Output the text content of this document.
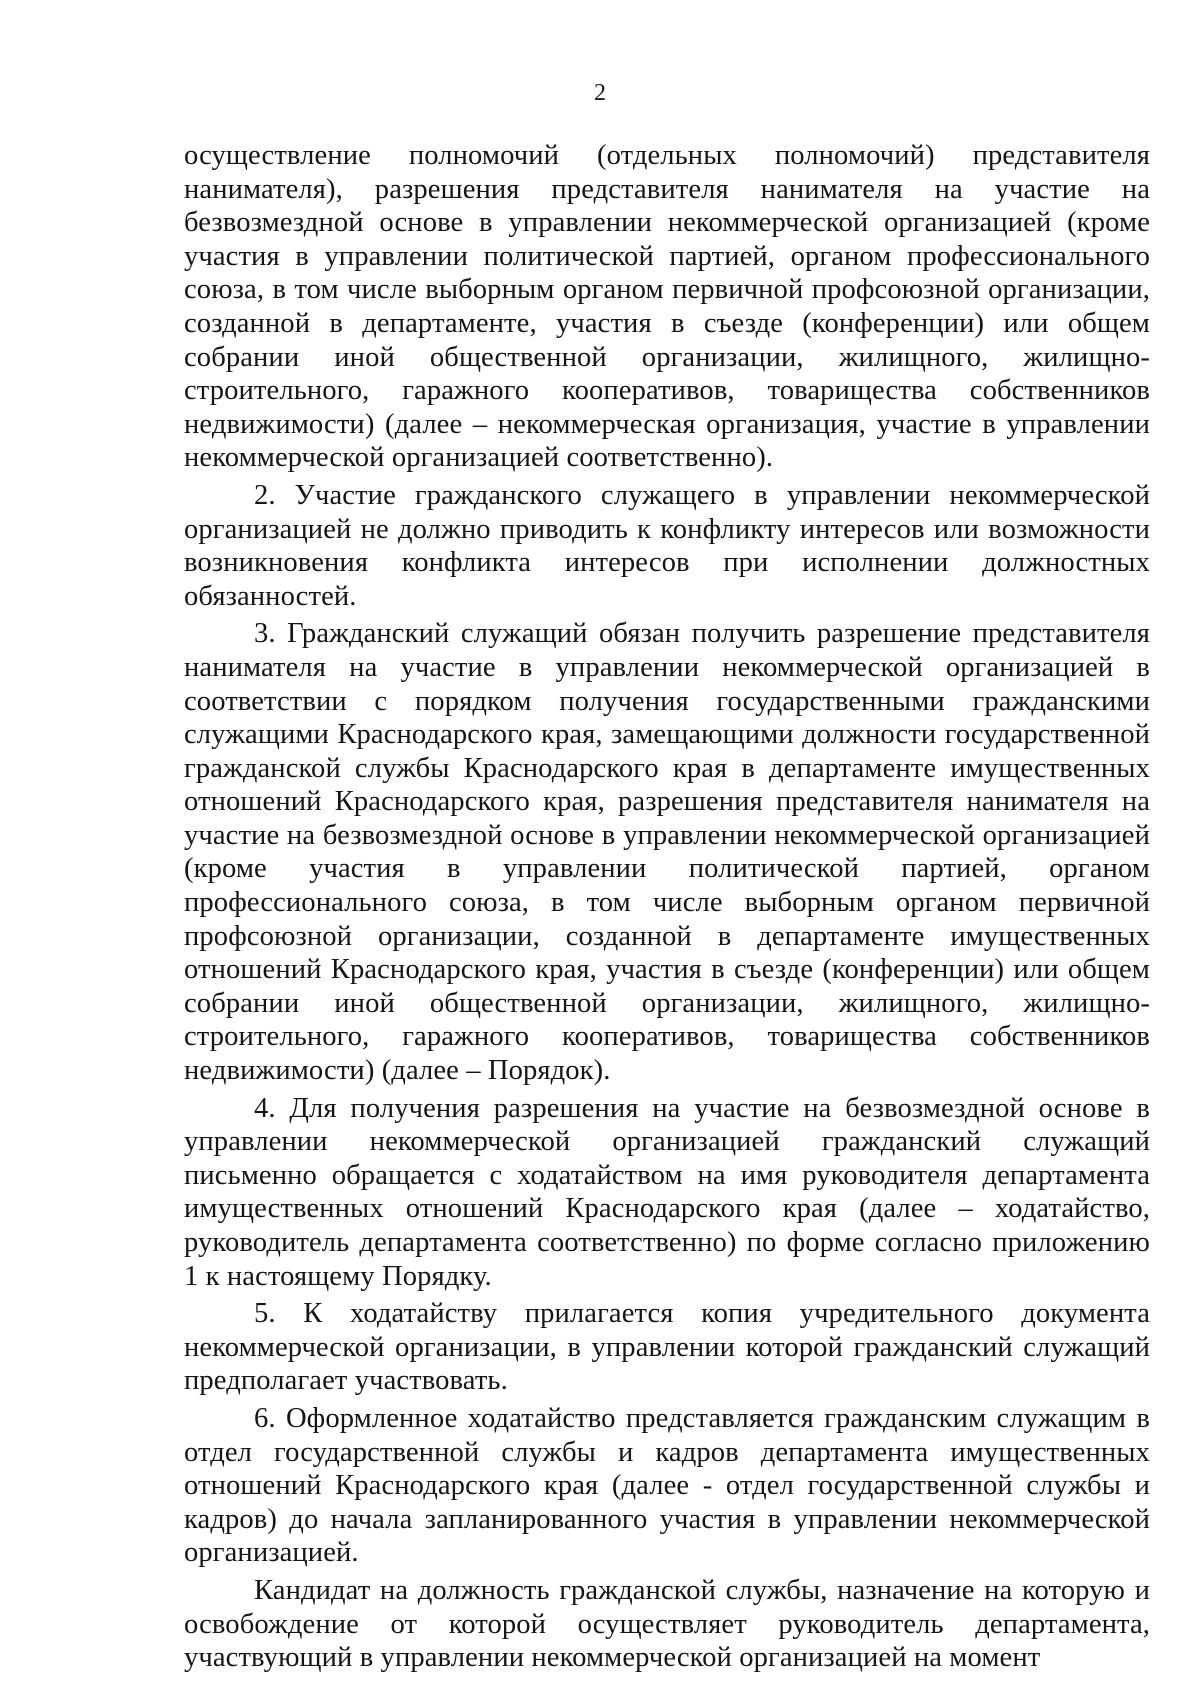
2

осуществление полномочий (отдельных полномочий) представителя нанимателя), разрешения представителя нанимателя на участие на безвозмездной основе в управлении некоммерческой организацией (кроме участия в управлении политической партией, органом профессионального союза, в том числе выборным органом первичной профсоюзной организации, созданной в департаменте, участия в съезде (конференции) или общем собрании иной общественной организации, жилищного, жилищно-строительного, гаражного кооперативов, товарищества собственников недвижимости) (далее – некоммерческая организация, участие в управлении некоммерческой организацией соответственно).

2. Участие гражданского служащего в управлении некоммерческой организацией не должно приводить к конфликту интересов или возможности возникновения конфликта интересов при исполнении должностных обязанностей.

3. Гражданский служащий обязан получить разрешение представителя нанимателя на участие в управлении некоммерческой организацией в соответствии с порядком получения государственными гражданскими служащими Краснодарского края, замещающими должности государственной гражданской службы Краснодарского края в департаменте имущественных отношений Краснодарского края, разрешения представителя нанимателя на участие на безвозмездной основе в управлении некоммерческой организацией (кроме участия в управлении политической партией, органом профессионального союза, в том числе выборным органом первичной профсоюзной организации, созданной в департаменте имущественных отношений Краснодарского края, участия в съезде (конференции) или общем собрании иной общественной организации, жилищного, жилищно-строительного, гаражного кооперативов, товарищества собственников недвижимости) (далее – Порядок).

4. Для получения разрешения на участие на безвозмездной основе в управлении некоммерческой организацией гражданский служащий письменно обращается с ходатайством на имя руководителя департамента имущественных отношений Краснодарского края (далее – ходатайство, руководитель департамента соответственно) по форме согласно приложению 1 к настоящему Порядку.

5. К ходатайству прилагается копия учредительного документа некоммерческой организации, в управлении которой гражданский служащий предполагает участвовать.

6. Оформленное ходатайство представляется гражданским служащим в отдел государственной службы и кадров департамента имущественных отношений Краснодарского края (далее - отдел государственной службы и кадров) до начала запланированного участия в управлении некоммерческой организацией.

Кандидат на должность гражданской службы, назначение на которую и освобождение от которой осуществляет руководитель департамента, участвующий в управлении некоммерческой организацией на момент
